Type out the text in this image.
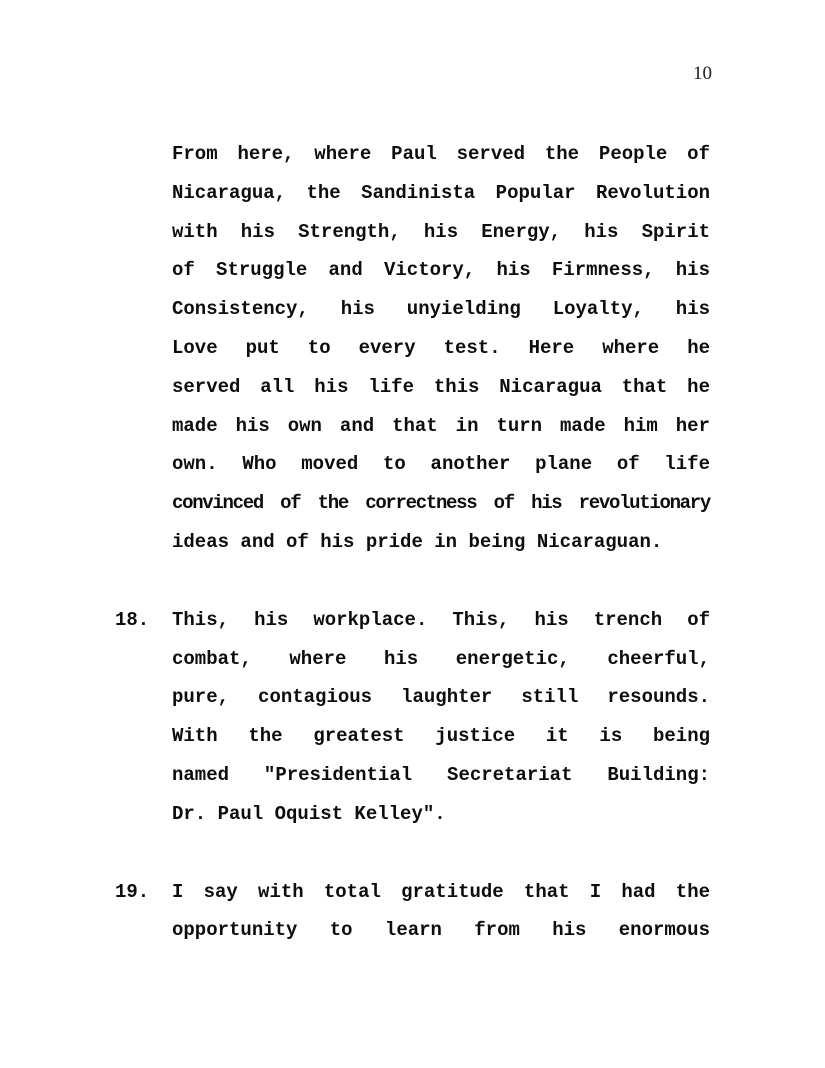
10
From here, where Paul served the People of
Nicaragua, the Sandinista Popular Revolution
with his Strength, his Energy, his Spirit
of Struggle and Victory, his Firmness, his
Consistency, his unyielding Loyalty, his
Love put to every test. Here where he
served all his life this Nicaragua that he
made his own and that in turn made him her
own. Who moved to another plane of life
convinced of the correctness of his revolutionary
ideas and of his pride in being Nicaraguan.
18.	This, his workplace. This, his trench of
combat, where his energetic, cheerful,
pure, contagious laughter still resounds.
With the greatest justice it is being
named "Presidential Secretariat Building:
Dr. Paul Oquist Kelley".
19.	I say with total gratitude that I had the
opportunity to learn from his enormous
